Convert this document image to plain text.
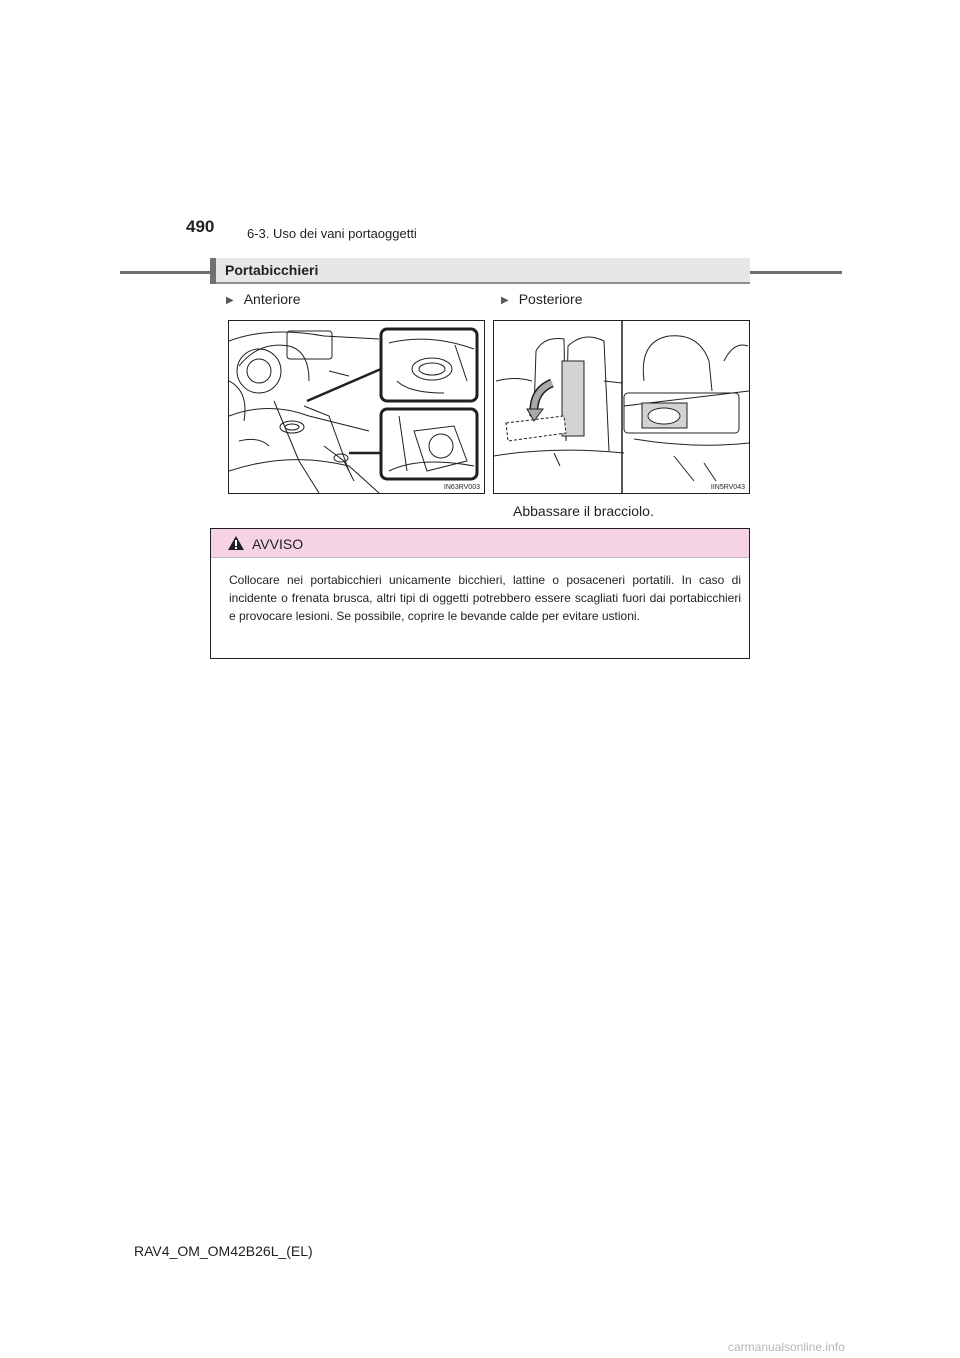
490	6-3. Uso dei vani portaoggetti
Portabicchieri
▶ Anteriore	▶ Posteriore
IN63RV003	IIN5RV043
Abbassare il bracciolo.
AVVISO
Collocare nei portabicchieri unicamente bicchieri, lattine o posaceneri portatili. In caso di incidente o frenata brusca, altri tipi di oggetti potrebbero essere scagliati fuori dai portabicchieri e provocare lesioni. Se possibile, coprire le bevande calde per evitare ustioni.
RAV4_OM_OM42B26L_(EL)
carmanualsonline.info
